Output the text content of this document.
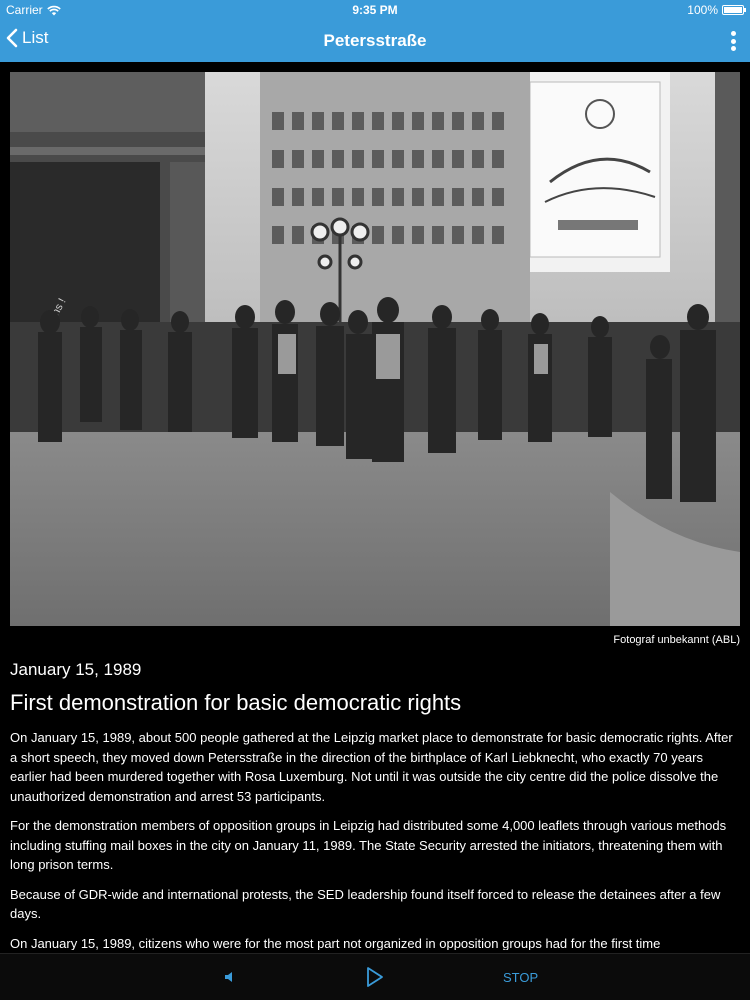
Carrier	9:35 PM	100%
List	Petersstraße
uns !
Fotograf unbekannt (ABL)
January 15, 1989
First demonstration for basic democratic rights

On January 15, 1989, about 500 people gathered at the Leipzig market place to demonstrate for basic democratic rights. After a short speech, they moved down Petersstraße in the direction of the birthplace of Karl Liebknecht, who exactly 70 years earlier had been murdered together with Rosa Luxemburg. Not until it was outside the city centre did the police dissolve the unauthorized demonstration and arrest 53 participants.

For the demonstration members of opposition groups in Leipzig had distributed some 4,000 leaflets through various methods including stuffing mail boxes in the city on January 11, 1989. The State Security arrested the initiators, threatening them with long prison terms.

Because of GDR-wide and international protests, the SED leadership found itself forced to release the detainees after a few days.

On January 15, 1989, citizens who were for the most part not organized in opposition groups had for the first time

STOP
